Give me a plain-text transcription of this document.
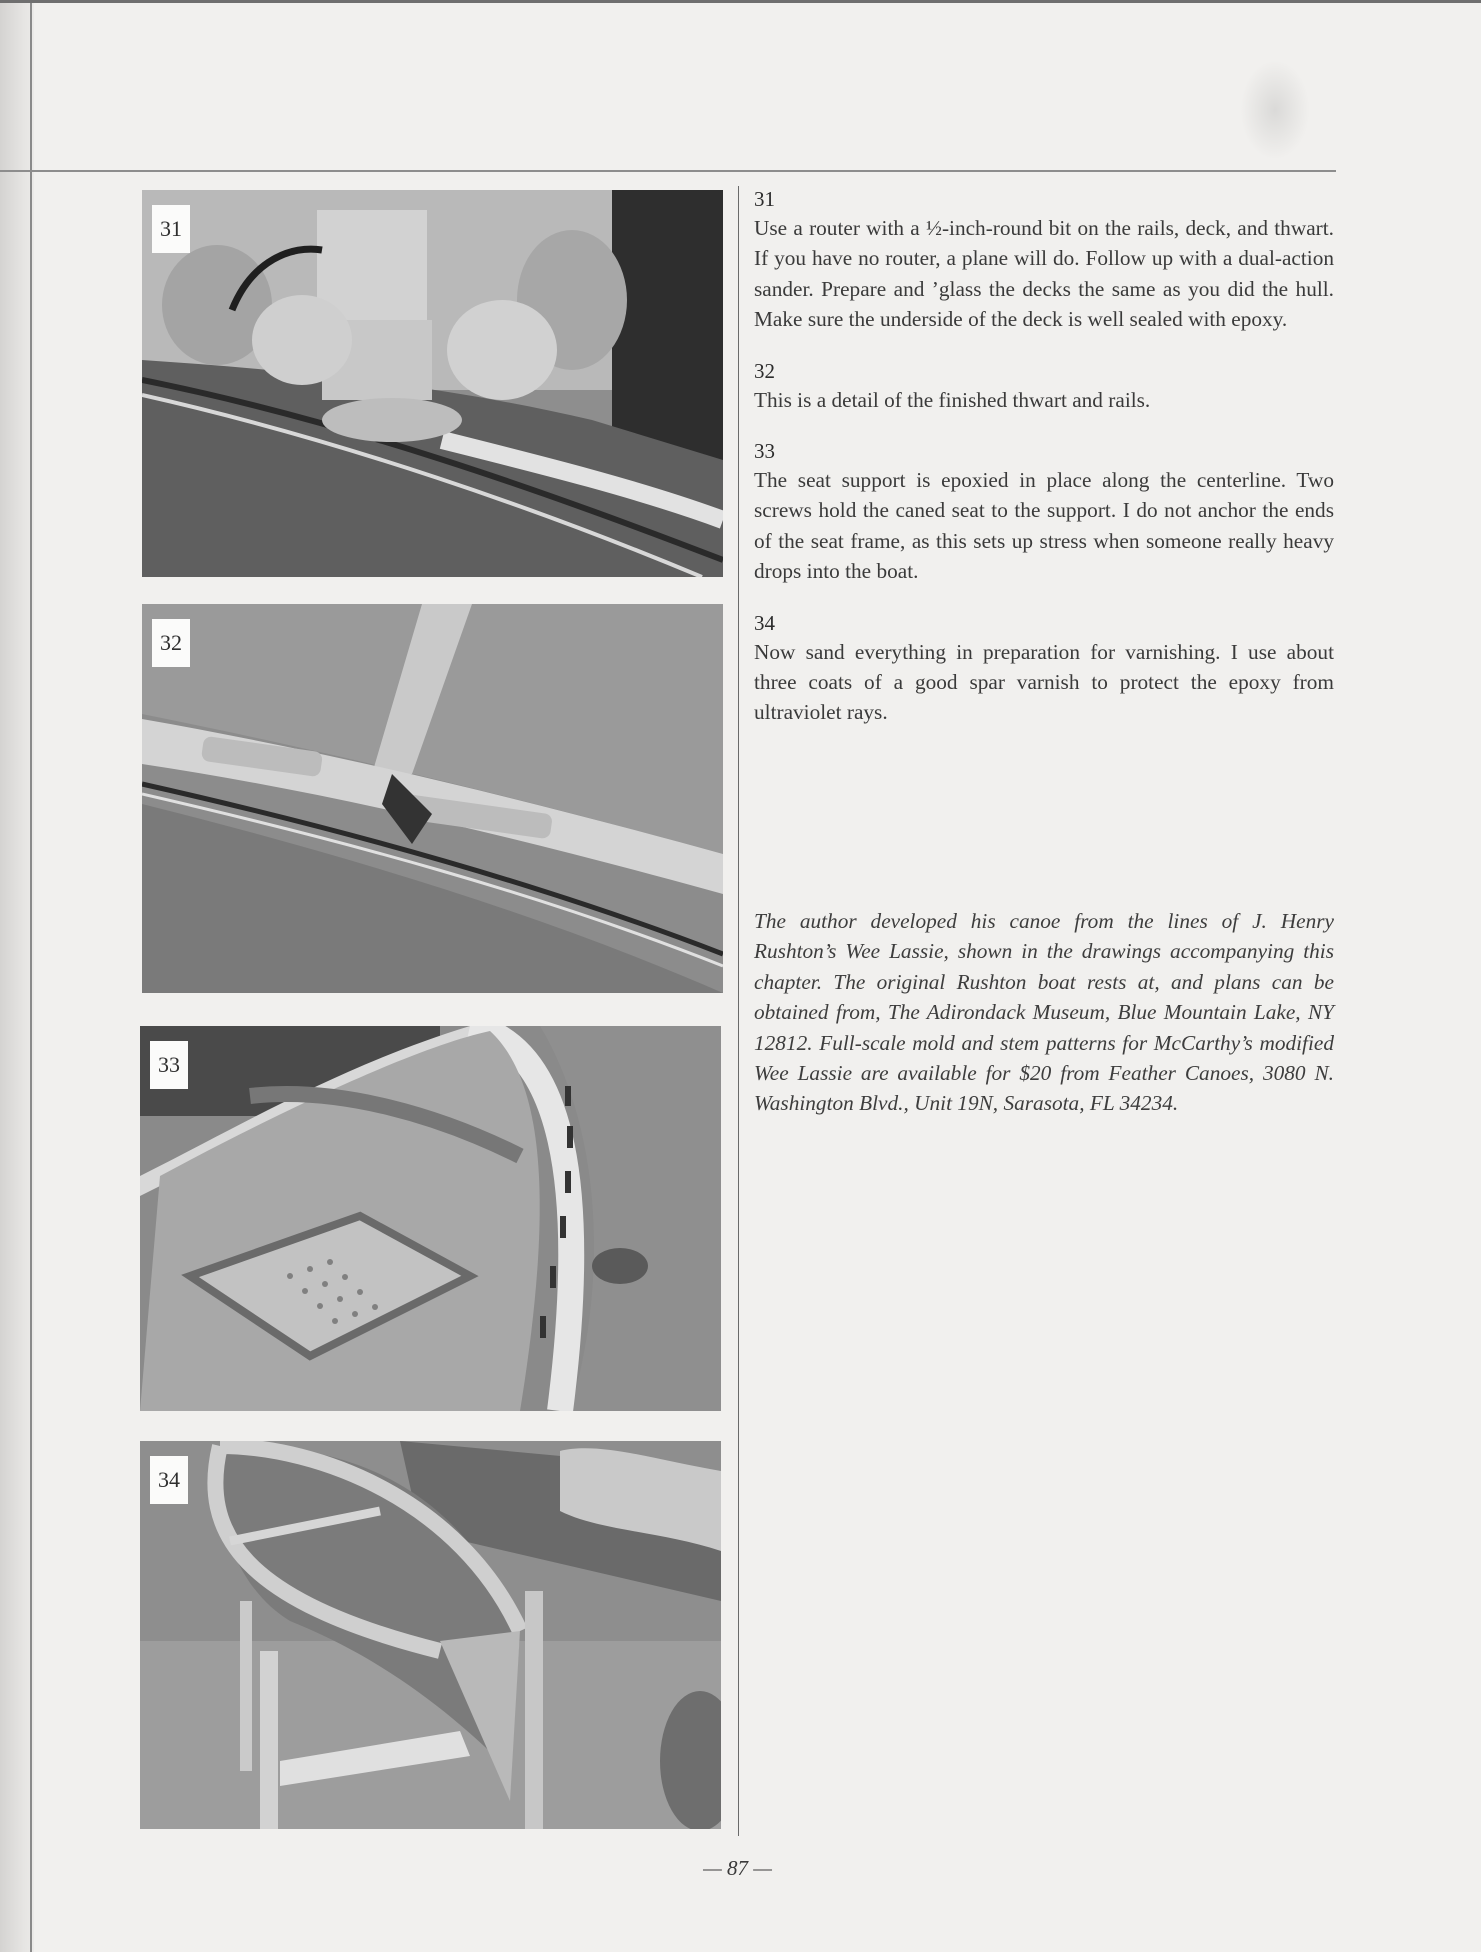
31
32
33
34
31
Use a router with a ½-inch-round bit on the rails, deck, and thwart. If you have no router, a plane will do. Follow up with a dual-action sander. Prepare and ’glass the decks the same as you did the hull. Make sure the underside of the deck is well sealed with epoxy.
32
This is a detail of the finished thwart and rails.
33
The seat support is epoxied in place along the centerline. Two screws hold the caned seat to the support. I do not anchor the ends of the seat frame, as this sets up stress when someone really heavy drops into the boat.
34
Now sand everything in preparation for varnishing. I use about three coats of a good spar varnish to protect the epoxy from ultraviolet rays.
The author developed his canoe from the lines of J. Henry Rushton’s Wee Lassie, shown in the drawings accompanying this chapter. The original Rushton boat rests at, and plans can be obtained from, The Adirondack Museum, Blue Mountain Lake, NY 12812. Full-scale mold and stem patterns for McCarthy’s modified Wee Lassie are available for $20 from Feather Canoes, 3080 N. Washington Blvd., Unit 19N, Sarasota, FL 34234.
— 87 —
